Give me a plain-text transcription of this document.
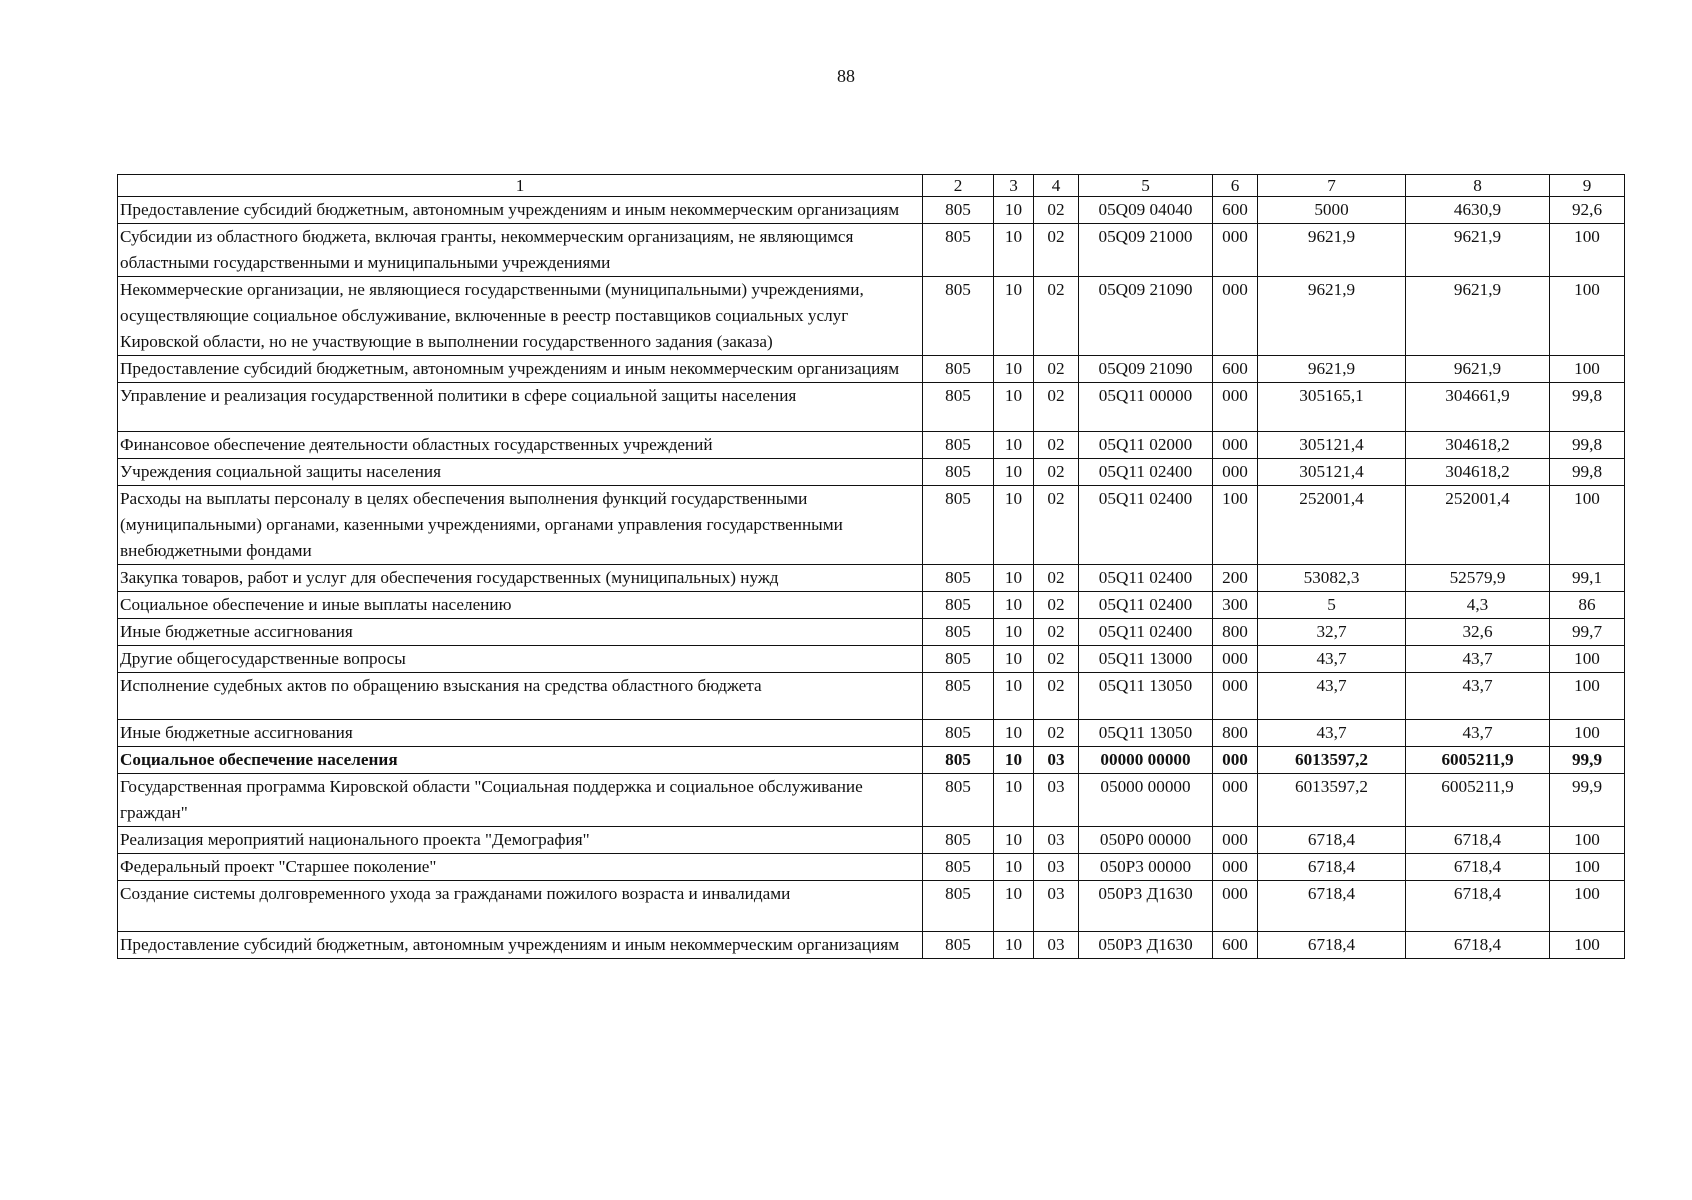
88
1	2	3	4	5	6	7	8	9
Предоставление субсидий бюджетным, автономным учреждениям и иным некоммерческим организациям	805	10	02	05Q09 04040	600	5000	4630,9	92,6
Субсидии из областного бюджета, включая гранты, некоммерческим организациям, не являющимся областными государственными и муниципальными учреждениями	805	10	02	05Q09 21000	000	9621,9	9621,9	100
Некоммерческие организации, не являющиеся государственными (муниципальными) учреждениями, осуществляющие социальное обслуживание, включенные в реестр поставщиков социальных услуг Кировской области, но не участвующие в выполнении государственного задания (заказа)	805	10	02	05Q09 21090	000	9621,9	9621,9	100
Предоставление субсидий бюджетным, автономным учреждениям и иным некоммерческим организациям	805	10	02	05Q09 21090	600	9621,9	9621,9	100
Управление и реализация государственной политики в сфере социальной защиты населения	805	10	02	05Q11 00000	000	305165,1	304661,9	99,8
Финансовое обеспечение деятельности областных государственных учреждений	805	10	02	05Q11 02000	000	305121,4	304618,2	99,8
Учреждения социальной защиты населения	805	10	02	05Q11 02400	000	305121,4	304618,2	99,8
Расходы на выплаты персоналу в целях обеспечения выполнения функций государственными (муниципальными) органами, казенными учреждениями, органами управления государственными внебюджетными фондами	805	10	02	05Q11 02400	100	252001,4	252001,4	100
Закупка товаров, работ и услуг для обеспечения государственных (муниципальных) нужд	805	10	02	05Q11 02400	200	53082,3	52579,9	99,1
Социальное обеспечение и иные выплаты населению	805	10	02	05Q11 02400	300	5	4,3	86
Иные бюджетные ассигнования	805	10	02	05Q11 02400	800	32,7	32,6	99,7
Другие общегосударственные вопросы	805	10	02	05Q11 13000	000	43,7	43,7	100
Исполнение судебных актов по обращению взыскания на средства областного бюджета	805	10	02	05Q11 13050	000	43,7	43,7	100
Иные бюджетные ассигнования	805	10	02	05Q11 13050	800	43,7	43,7	100
Социальное обеспечение населения	805	10	03	00000 00000	000	6013597,2	6005211,9	99,9
Государственная программа Кировской области "Социальная поддержка и социальное обслуживание граждан"	805	10	03	05000 00000	000	6013597,2	6005211,9	99,9
Реализация мероприятий национального проекта "Демография"	805	10	03	050P0 00000	000	6718,4	6718,4	100
Федеральный проект "Старшее поколение"	805	10	03	050P3 00000	000	6718,4	6718,4	100
Создание системы долговременного ухода за гражданами пожилого возраста и инвалидами	805	10	03	050P3 Д1630	000	6718,4	6718,4	100
Предоставление субсидий бюджетным, автономным учреждениям и иным некоммерческим организациям	805	10	03	050P3 Д1630	600	6718,4	6718,4	100
